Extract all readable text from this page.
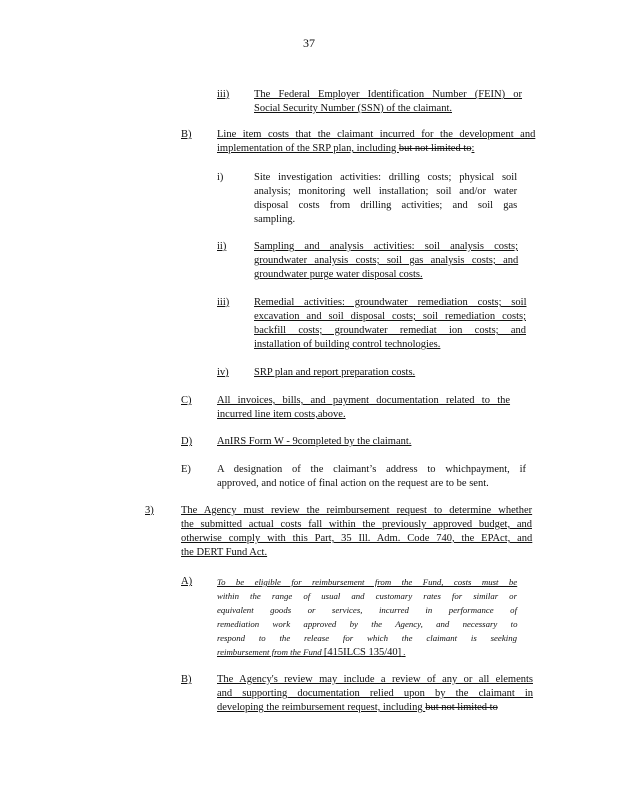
37
iii) The Federal Employer Identification Number (FEIN) or
Social Security Number (SSN) of the claimant.
B) Line item costs that the claimant incurred for the development and
implementation of the SRP plan, including but not limited to:
i)	Site investigation activities: drilling costs; physical soil
analysis; monitoring well installation; soil and/or water
disposal costs from drilling activities; and soil gas
sampling.
ii)	Sampling and analysis activities: soil analysis costs;
groundwater analysis costs; soil gas analysis costs; and
groundwater purge water disposal costs.
iii) Remedial activities: groundwater remediation costs; soil
excavation and soil disposal costs; soil remediation costs;
backfill costs; groundwater remediat ion costs; and
installation of building control technologies.
iv) SRP plan and report preparation costs.
C) All invoices, bills, and payment documentation related to the
incurred line item costs,above.
D) AnIRS Form W - 9completed by the claimant.
E) A designation of the claimant’s address to whichpayment, if
approved, and notice of final action on the request are to be sent.
3)	The Agency must review the reimbursement request to determine whether
the submitted actual costs fall within the previously approved budget, and
otherwise comply with this Part, 35 Ill. Adm. Code 740, the EPAct, and
the DERT Fund Act.
A)	To be eligible for reimbursement from the Fund, costs must be
within the range of usual and customary rates for similar or
equivalent goods or services, incurred in performance of
remediation work approved by the Agency, and necessary to
respond to the release for which the claimant is seeking
reimbursement from the Fund [415ILCS 135/40] .
B) The Agency's review may include a review of any or all elements
and supporting documentation relied upon by the claimant in
developing the reimbursement request, including but not limited to
